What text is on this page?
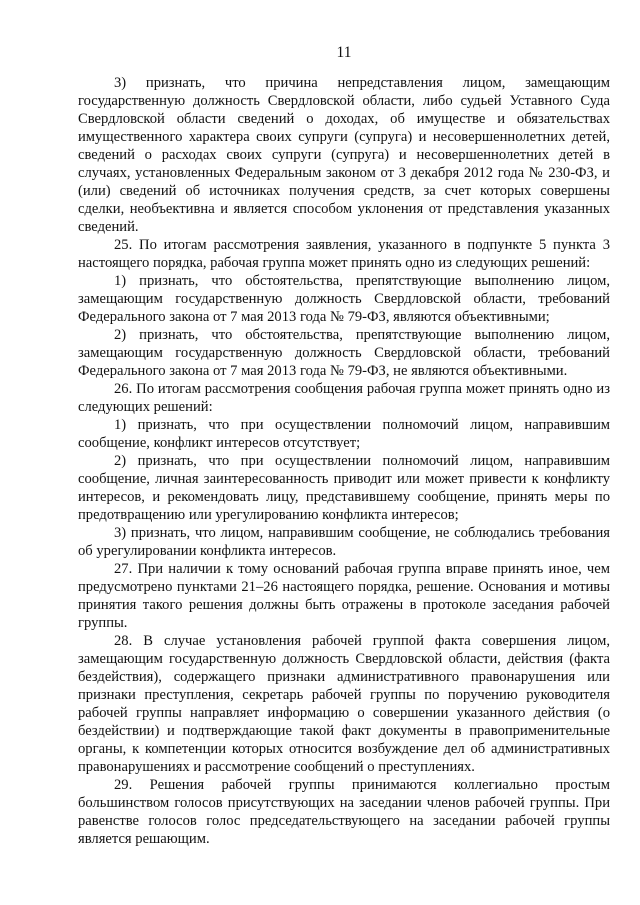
11

3) признать, что причина непредставления лицом, замещающим государственную должность Свердловской области, либо судьей Уставного Суда Свердловской области сведений о доходах, об имуществе и обязательствах имущественного характера своих супруги (супруга) и несовершеннолетних детей, сведений о расходах своих супруги (супруга) и несовершеннолетних детей в случаях, установленных Федеральным законом от 3 декабря 2012 года № 230-ФЗ, и (или) сведений об источниках получения средств, за счет которых совершены сделки, необъективна и является способом уклонения от представления указанных сведений.

25. По итогам рассмотрения заявления, указанного в подпункте 5 пункта 3 настоящего порядка, рабочая группа может принять одно из следующих решений:

1) признать, что обстоятельства, препятствующие выполнению лицом, замещающим государственную должность Свердловской области, требований Федерального закона от 7 мая 2013 года № 79-ФЗ, являются объективными;

2) признать, что обстоятельства, препятствующие выполнению лицом, замещающим государственную должность Свердловской области, требований Федерального закона от 7 мая 2013 года № 79-ФЗ, не являются объективными.

26. По итогам рассмотрения сообщения рабочая группа может принять одно из следующих решений:

1) признать, что при осуществлении полномочий лицом, направившим сообщение, конфликт интересов отсутствует;

2) признать, что при осуществлении полномочий лицом, направившим сообщение, личная заинтересованность приводит или может привести к конфликту интересов, и рекомендовать лицу, представившему сообщение, принять меры по предотвращению или урегулированию конфликта интересов;

3) признать, что лицом, направившим сообщение, не соблюдались требования об урегулировании конфликта интересов.

27. При наличии к тому оснований рабочая группа вправе принять иное, чем предусмотрено пунктами 21–26 настоящего порядка, решение. Основания и мотивы принятия такого решения должны быть отражены в протоколе заседания рабочей группы.

28. В случае установления рабочей группой факта совершения лицом, замещающим государственную должность Свердловской области, действия (факта бездействия), содержащего признаки административного правонарушения или признаки преступления, секретарь рабочей группы по поручению руководителя рабочей группы направляет информацию о совершении указанного действия (о бездействии) и подтверждающие такой факт документы в правоприменительные органы, к компетенции которых относится возбуждение дел об административных правонарушениях и рассмотрение сообщений о преступлениях.

29. Решения рабочей группы принимаются коллегиально простым большинством голосов присутствующих на заседании членов рабочей группы. При равенстве голосов голос председательствующего на заседании рабочей группы является решающим.
